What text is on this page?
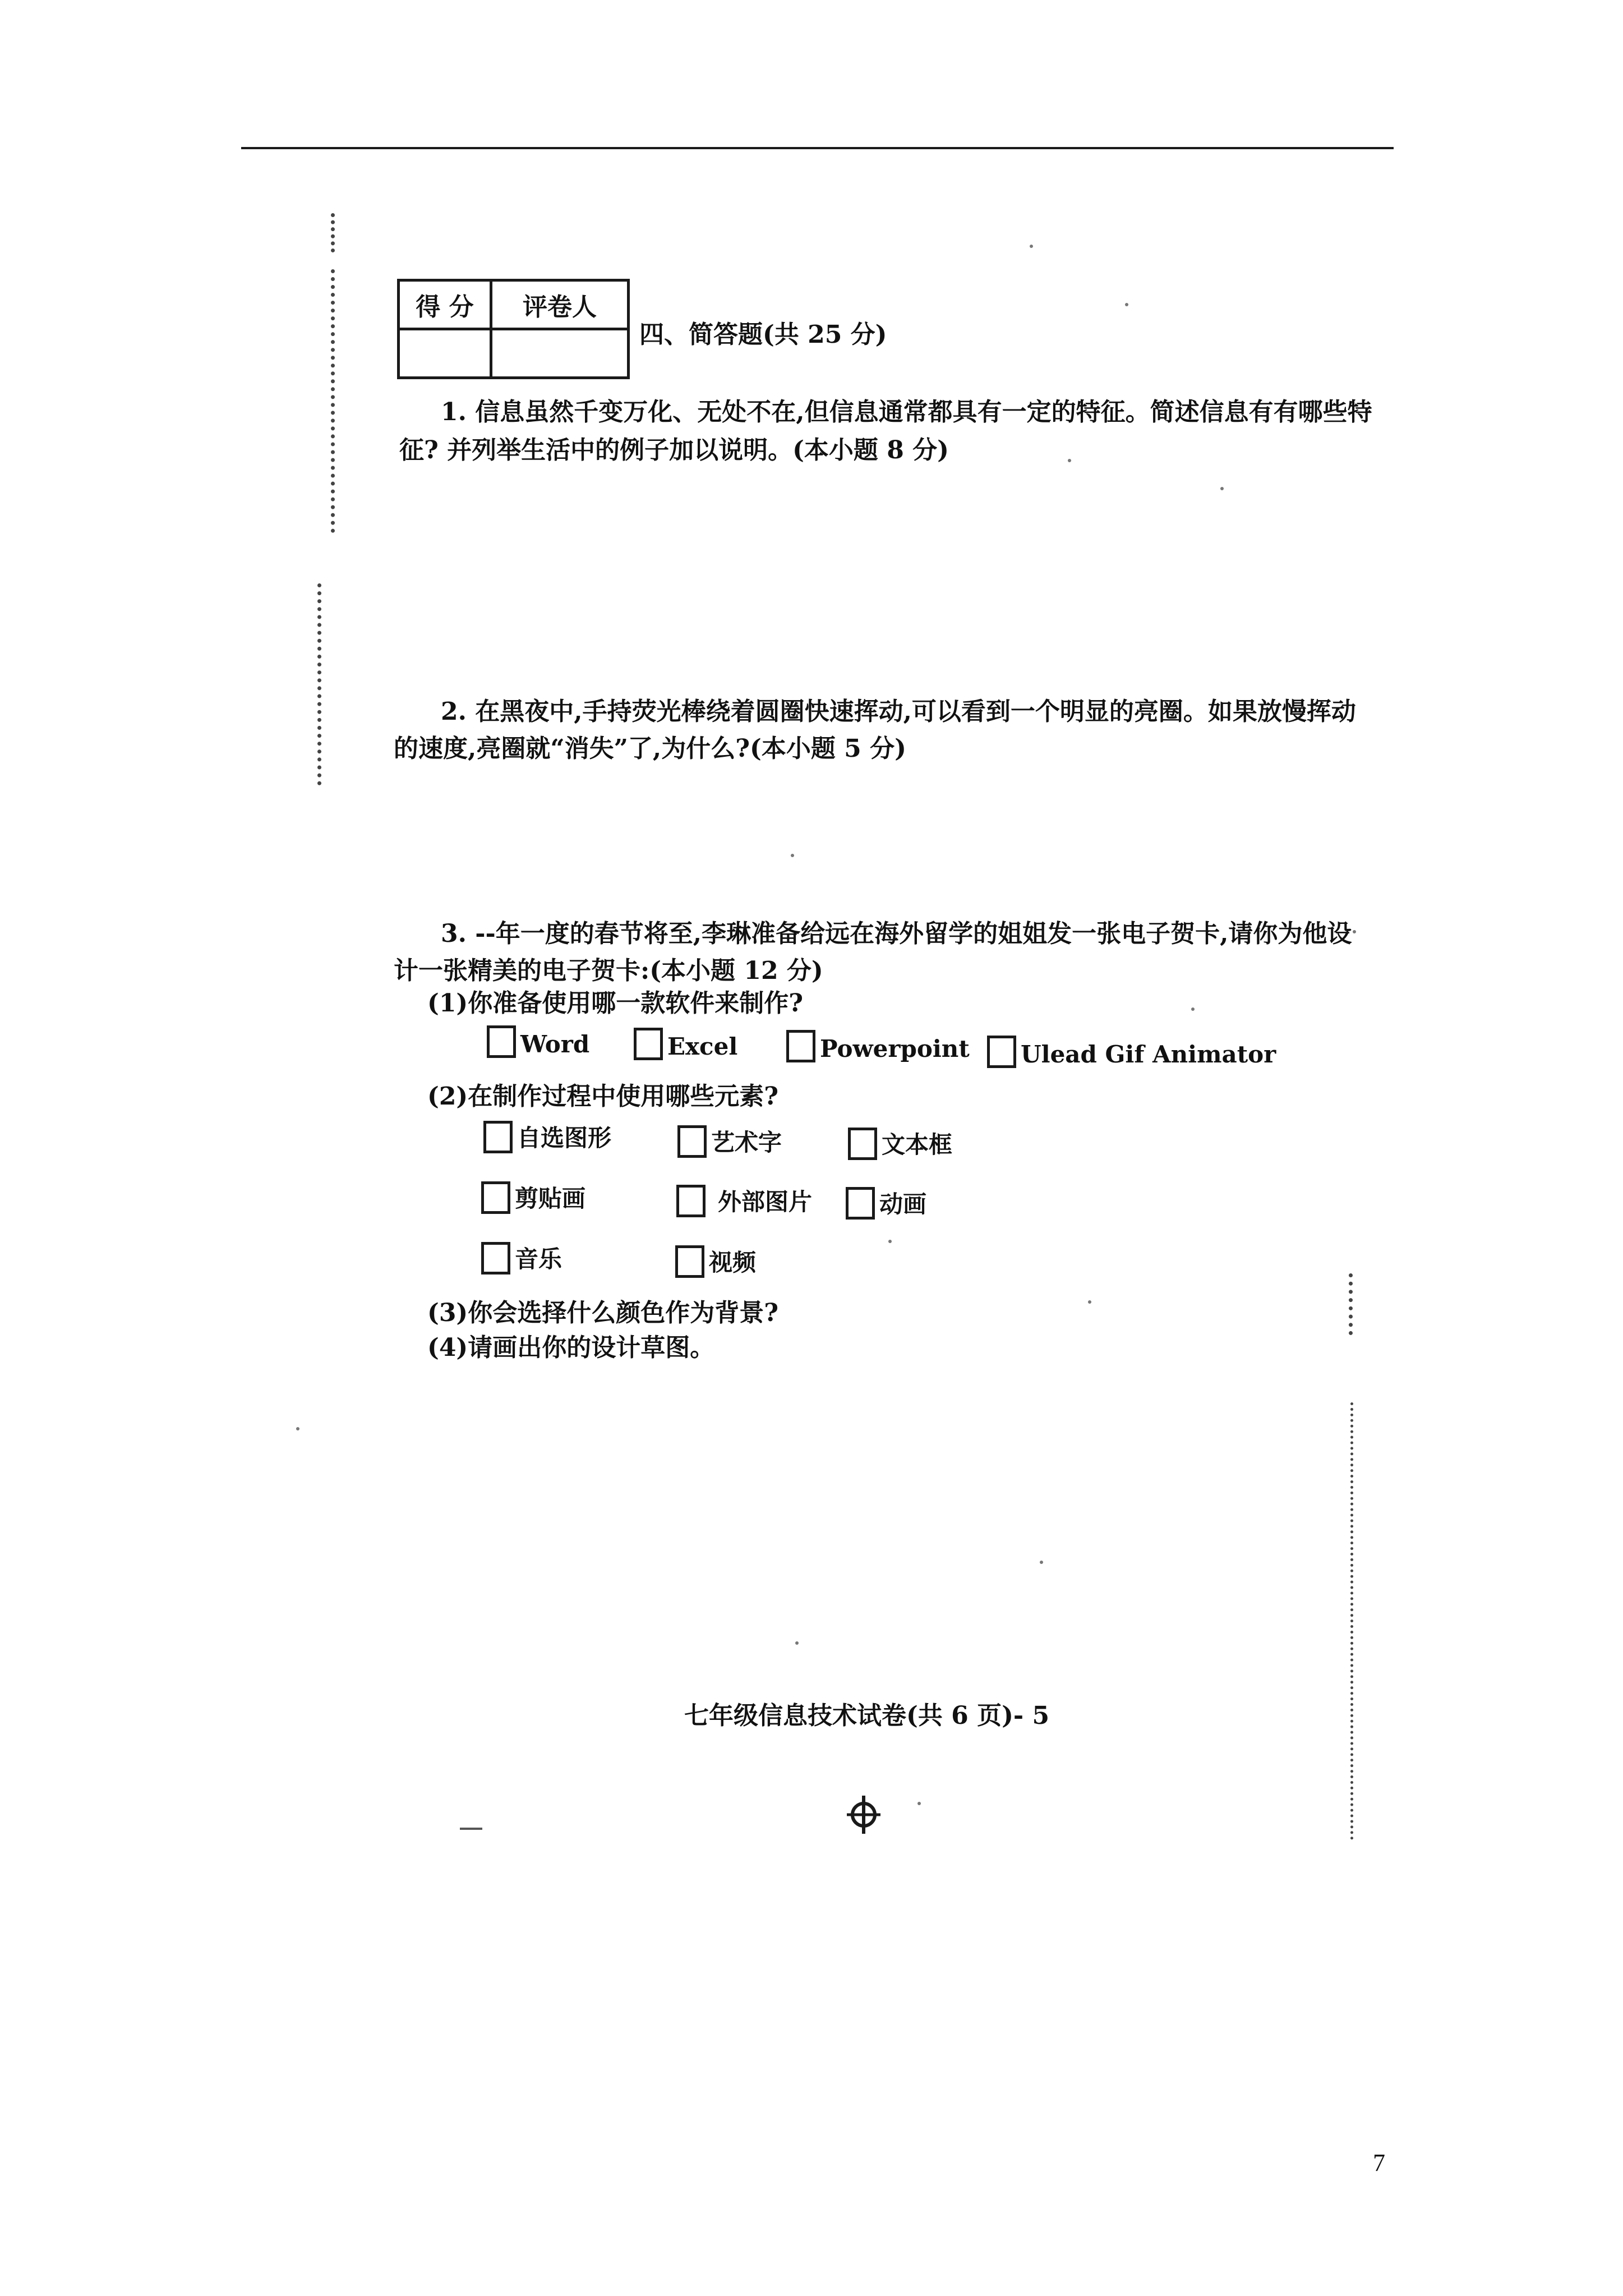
得 分	评卷人

四、简答题(共 25 分)
1. 信息虽然千变万化、无处不在,但信息通常都具有一定的特征。简述信息有有哪些特
征? 并列举生活中的例子加以说明。(本小题 8 分)
2. 在黑夜中,手持荧光棒绕着圆圈快速挥动,可以看到一个明显的亮圈。如果放慢挥动
的速度,亮圈就“消失”了,为什么?(本小题 5 分)
3. --年一度的春节将至,李琳准备给远在海外留学的姐姐发一张电子贺卡,请你为他设
计一张精美的电子贺卡:(本小题 12 分)
(1)你准备使用哪一款软件来制作?
Word	Excel	Powerpoint Ulead Gif Animator
(2)在制作过程中使用哪些元素?
自选图形	艺术字	文本框
剪贴画	外部图片	动画
音乐	视频
(3)你会选择什么颜色作为背景?
(4)请画出你的设计草图。
七年级信息技术试卷(共 6 页)- 5
7
